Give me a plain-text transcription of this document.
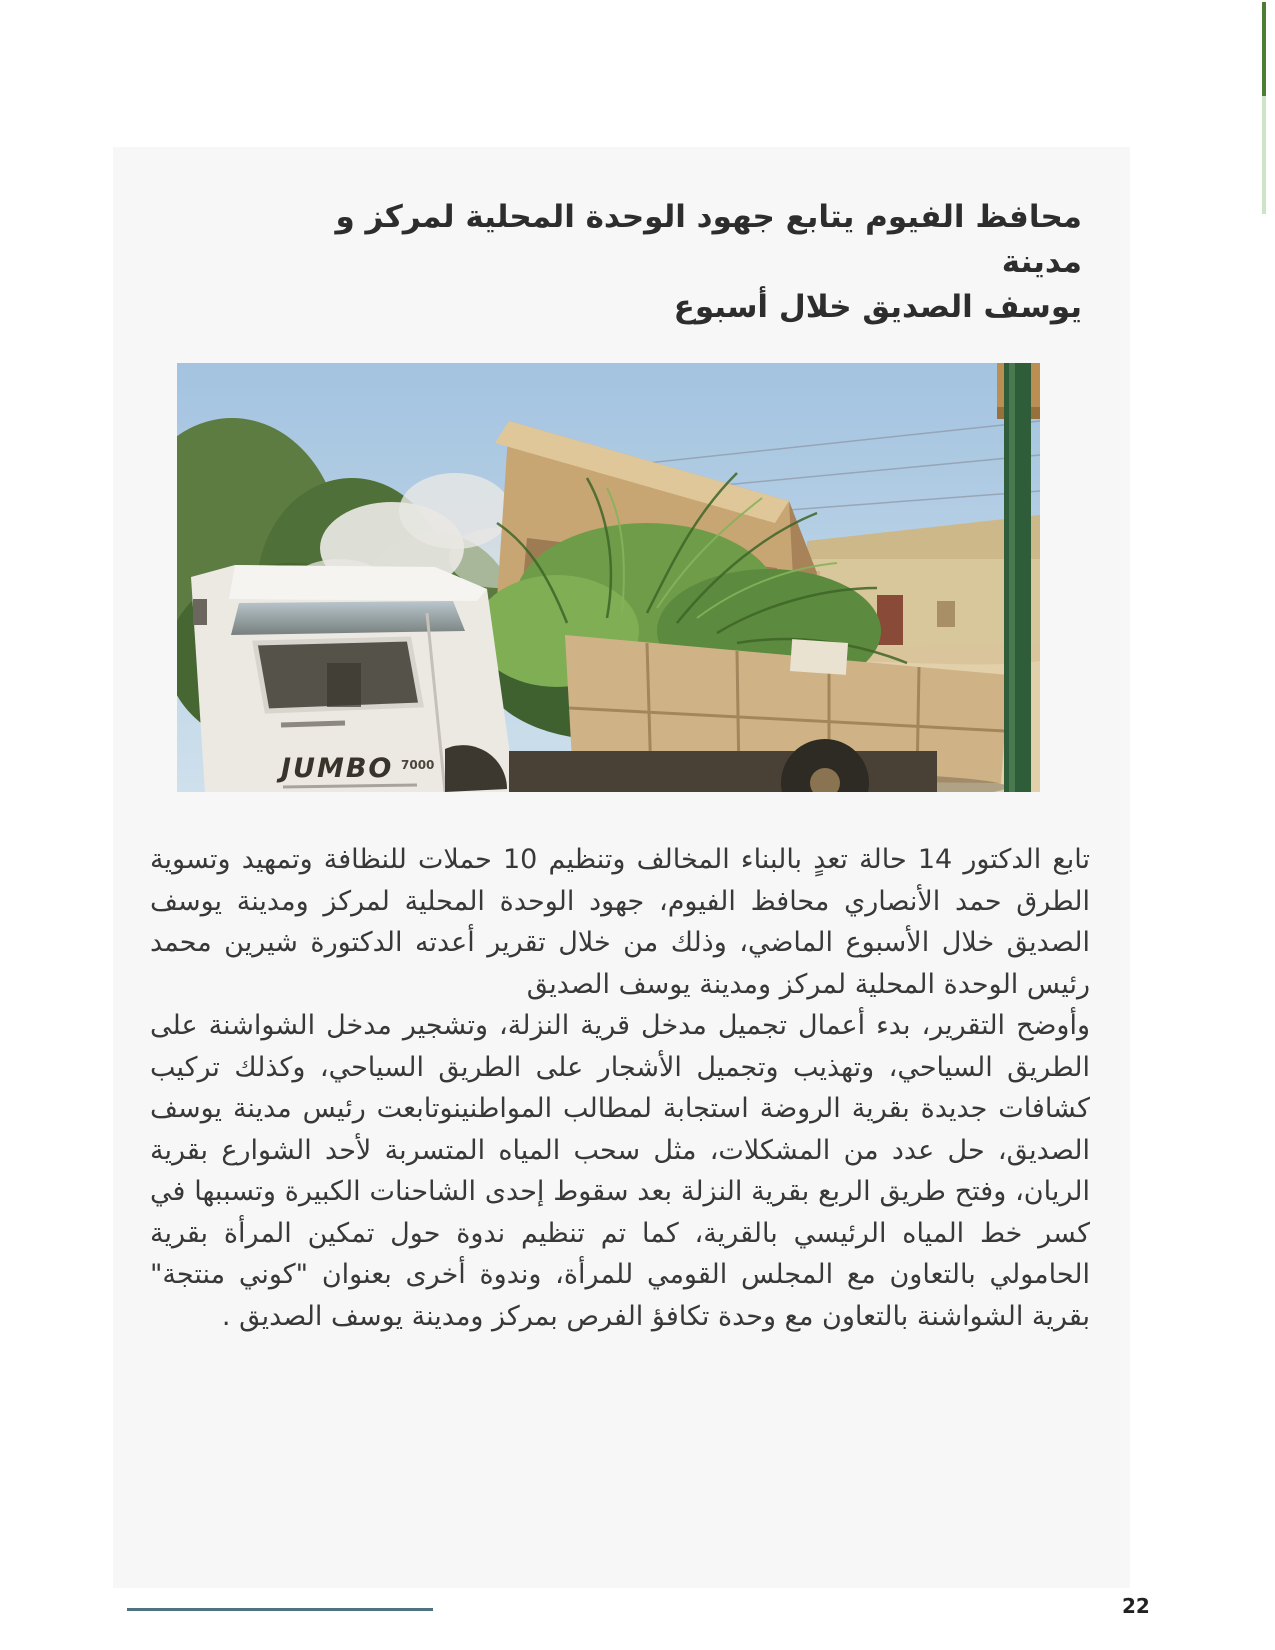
محافظ الفيوم يتابع جهود الوحدة المحلية لمركز و مدينة
يوسف الصديق خلال أسبوع
JUMBO 7000

تابع الدكتور 14 حالة تعدٍ بالبناء المخالف وتنظيم 10 حملات للنظافة وتمهيد وتسوية الطرق حمد الأنصاري محافظ الفيوم، جهود الوحدة المحلية لمركز ومدينة يوسف الصديق خلال الأسبوع الماضي، وذلك من خلال تقرير أعدته الدكتورة شيرين محمد رئيس الوحدة المحلية لمركز ومدينة يوسف الصديق

وأوضح التقرير، بدء أعمال تجميل مدخل قرية النزلة، وتشجير مدخل الشواشنة على الطريق السياحي، وتهذيب وتجميل الأشجار على الطريق السياحي، وكذلك تركيب كشافات جديدة بقرية الروضة استجابة لمطالب المواطنينوتابعت رئيس مدينة يوسف الصديق، حل عدد من المشكلات، مثل سحب المياه المتسربة لأحد الشوارع بقرية الريان، وفتح طريق الربع بقرية النزلة بعد سقوط إحدى الشاحنات الكبيرة وتسببها في كسر خط المياه الرئيسي بالقرية، كما تم تنظيم ندوة حول تمكين المرأة بقرية الحامولي بالتعاون مع المجلس القومي للمرأة، وندوة أخرى بعنوان "كوني منتجة" بقرية الشواشنة بالتعاون مع وحدة تكافؤ الفرص بمركز ومدينة يوسف الصديق .

22
